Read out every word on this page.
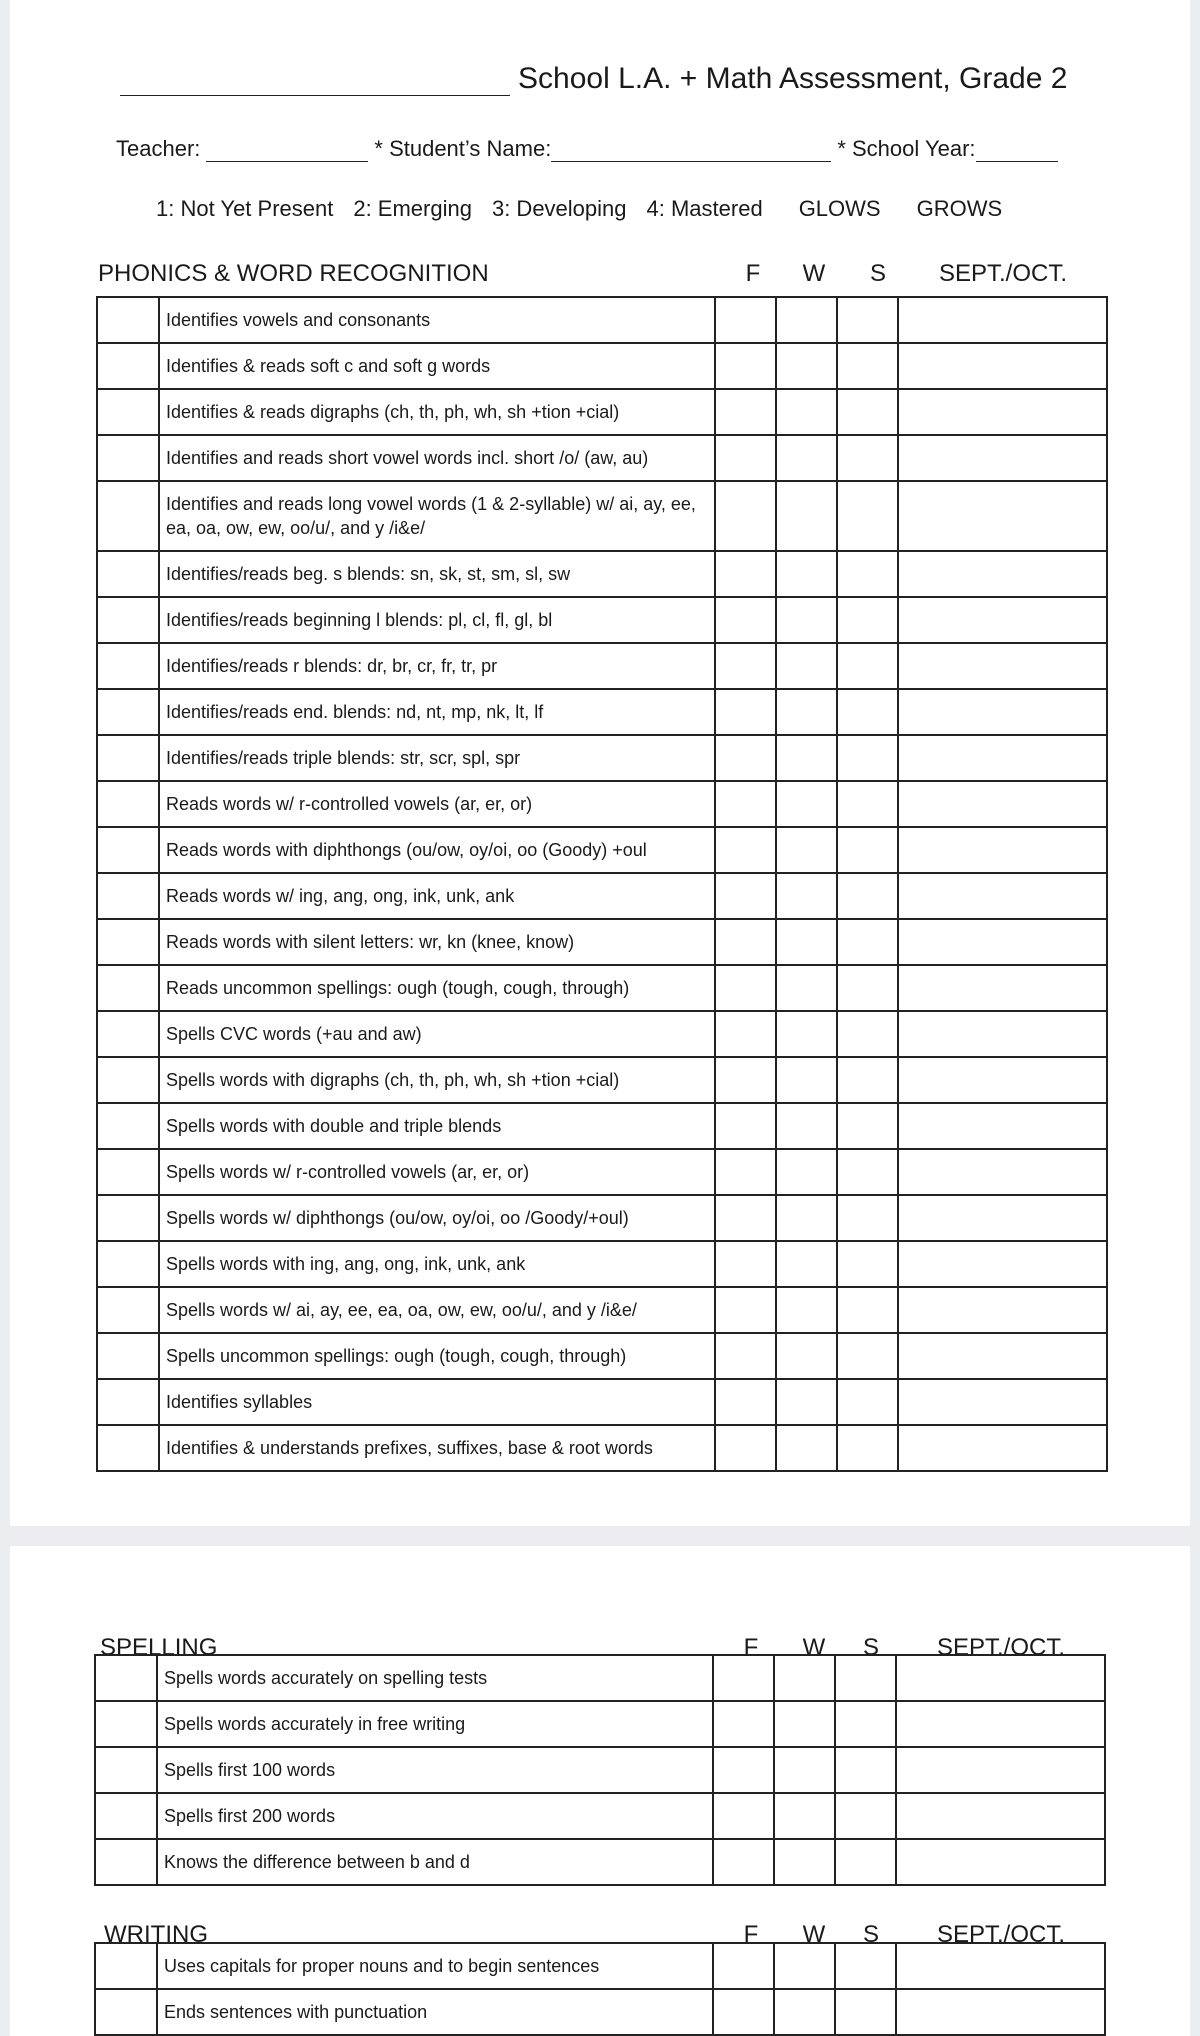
School L.A. + Math Assessment, Grade 2
Teacher:	* Student’s Name:	* School Year:
1: Not Yet Present 2: Emerging 3: Developing 4: Mastered GLOWS GROWS
PHONICS & WORD RECOGNITION	F	W S	SEPT./OCT.
	Identifies vowels and consonants				
	Identifies & reads soft c and soft g words				
	Identifies & reads digraphs (ch, th, ph, wh, sh +tion +cial)				
	Identifies and reads short vowel words incl. short /o/ (aw, au)				
	Identifies and reads long vowel words (1 & 2-syllable) w/ ai, ay, ee, ea, oa, ow, ew, oo/u/, and y /i&e/				
	Identifies/reads beg. s blends: sn, sk, st, sm, sl, sw				
	Identifies/reads beginning l blends: pl, cl, fl, gl, bl				
	Identifies/reads r blends: dr, br, cr, fr, tr, pr				
	Identifies/reads end. blends: nd, nt, mp, nk, lt, lf				
	Identifies/reads triple blends: str, scr, spl, spr				
	Reads words w/ r-controlled vowels (ar, er, or)				
	Reads words with diphthongs (ou/ow, oy/oi, oo (Goody) +oul				
	Reads words w/ ing, ang, ong, ink, unk, ank				
	Reads words with silent letters: wr, kn (knee, know)				
	Reads uncommon spellings: ough (tough, cough, through)				
	Spells CVC words (+au and aw)				
	Spells words with digraphs (ch, th, ph, wh, sh +tion +cial)				
	Spells words with double and triple blends				
	Spells words w/ r-controlled vowels (ar, er, or)				
	Spells words w/ diphthongs (ou/ow, oy/oi, oo /Goody/+oul)				
	Spells words with ing, ang, ong, ink, unk, ank				
	Spells words w/ ai, ay, ee, ea, oa, ow, ew, oo/u/, and y /i&e/				
	Spells uncommon spellings: ough (tough, cough, through)				
	Identifies syllables				
	Identifies & understands prefixes, suffixes, base & root words				
SPELLING	F	W S	SEPT./OCT.
	Spells words accurately on spelling tests				
	Spells words accurately in free writing				
	Spells first 100 words				
	Spells first 200 words				
	Knows the difference between b and d				
WRITING	F	W S	SEPT./OCT.
	Uses capitals for proper nouns and to begin sentences				
	Ends sentences with punctuation				
